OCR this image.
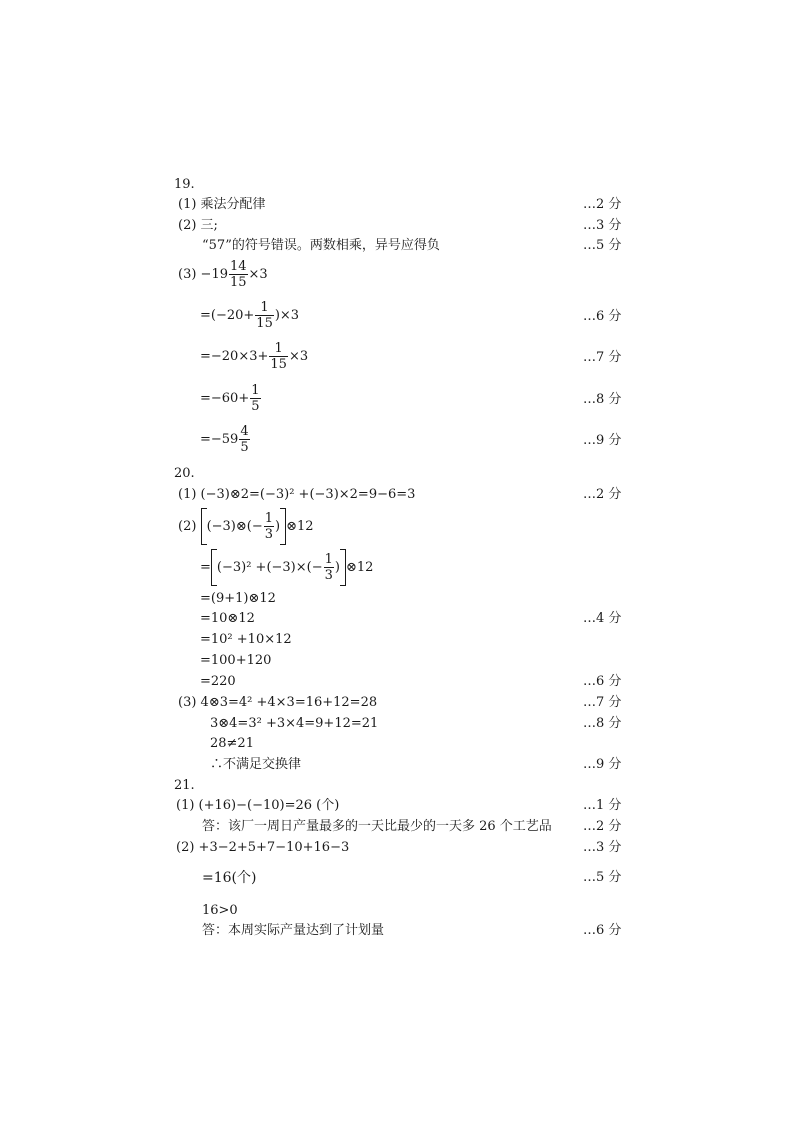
19.
(1) 乘法分配律	…2 分
(2) 三;	…3 分
“57”的符号错误。两数相乘，异号应得负	…5 分
$(3) -19 \frac{14}{15} \times 3$
$=(-20+ \frac{1}{15} )\times 3$	…6 分
$=-20\times 3+ \frac{1}{15} \times 3$	…7 分
$=-60+ \frac{1}{5}$	…8 分
$=-59 \frac{4}{5}$	…9 分
20.
(1) (−3)⊗2=(−3)² +(−3)×2=9−6=3	…2 分
(2) (−3)⊗(− $\frac{1}{3}$ ) ⊗12
= $(-3)^2 +(-3)\times(- \frac{1}{3}$ ) ⊗12
=(9+1)⊗12
=10⊗12	…4 分
=10² +10×12
=100+120
=220	…6 分
(3) 4⊗3=4² +4×3=16+12=28	…7 分
3⊗4=3² +3×4=9+12=21	…8 分
28≠21
∴不满足交换律	…9 分
21.
(1) (+16)−(−10)=26 (个)	…1 分
答：该厂一周日产量最多的一天比最少的一天多 26 个工艺品 …2 分
(2) +3−2+5+7−10+16−3	…3 分
=16(个)	…5 分
16>0
答：本周实际产量达到了计划量	…6 分
